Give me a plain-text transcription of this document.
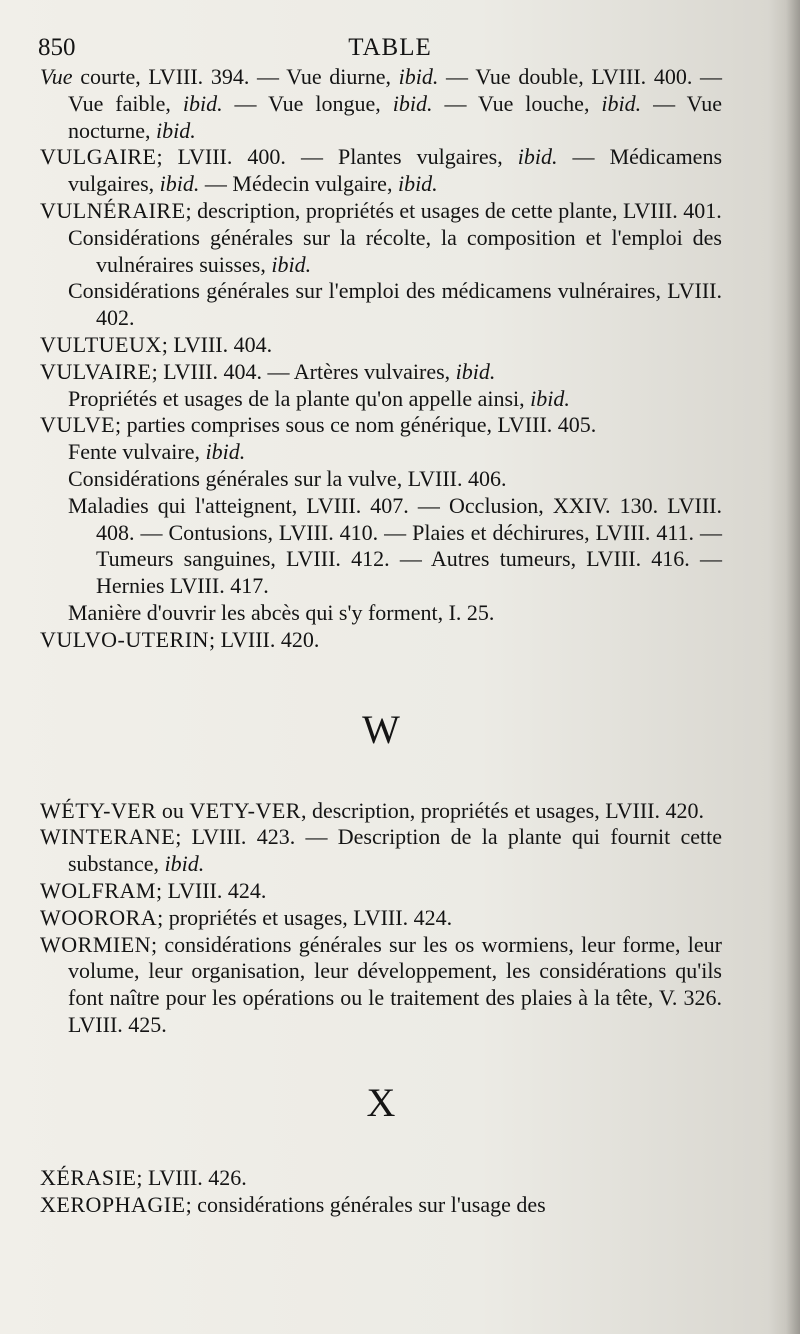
850	TABLE

Vue courte, LVIII. 394. — Vue diurne, ibid. — Vue double, LVIII. 400. — Vue faible, ibid. — Vue longue, ibid. — Vue louche, ibid. — Vue nocturne, ibid.

VULGAIRE; LVIII. 400. — Plantes vulgaires, ibid. — Médicamens vulgaires, ibid. — Médecin vulgaire, ibid.

VULNÉRAIRE; description, propriétés et usages de cette plante, LVIII. 401.

Considérations générales sur la récolte, la composition et l'emploi des vulnéraires suisses, ibid.

Considérations générales sur l'emploi des médicamens vulnéraires, LVIII. 402.

VULTUEUX; LVIII. 404.

VULVAIRE; LVIII. 404. — Artères vulvaires, ibid.

Propriétés et usages de la plante qu'on appelle ainsi, ibid.

VULVE; parties comprises sous ce nom générique, LVIII. 405.

Fente vulvaire, ibid.

Considérations générales sur la vulve, LVIII. 406.

Maladies qui l'atteignent, LVIII. 407. — Occlusion, XXIV. 130. LVIII. 408. — Contusions, LVIII. 410. — Plaies et déchirures, LVIII. 411. — Tumeurs sanguines, LVIII. 412. — Autres tumeurs, LVIII. 416. — Hernies LVIII. 417.

Manière d'ouvrir les abcès qui s'y forment, I. 25.

VULVO-UTERIN; LVIII. 420.

W

WÉTY-VER ou VETY-VER, description, propriétés et usages, LVIII. 420.

WINTERANE; LVIII. 423. — Description de la plante qui fournit cette substance, ibid.

WOLFRAM; LVIII. 424.

WOORORA; propriétés et usages, LVIII. 424.

WORMIEN; considérations générales sur les os wormiens, leur forme, leur volume, leur organisation, leur développement, les considérations qu'ils font naître pour les opérations ou le traitement des plaies à la tête, V. 326. LVIII. 425.

X

XÉRASIE; LVIII. 426.

XEROPHAGIE; considérations générales sur l'usage des
